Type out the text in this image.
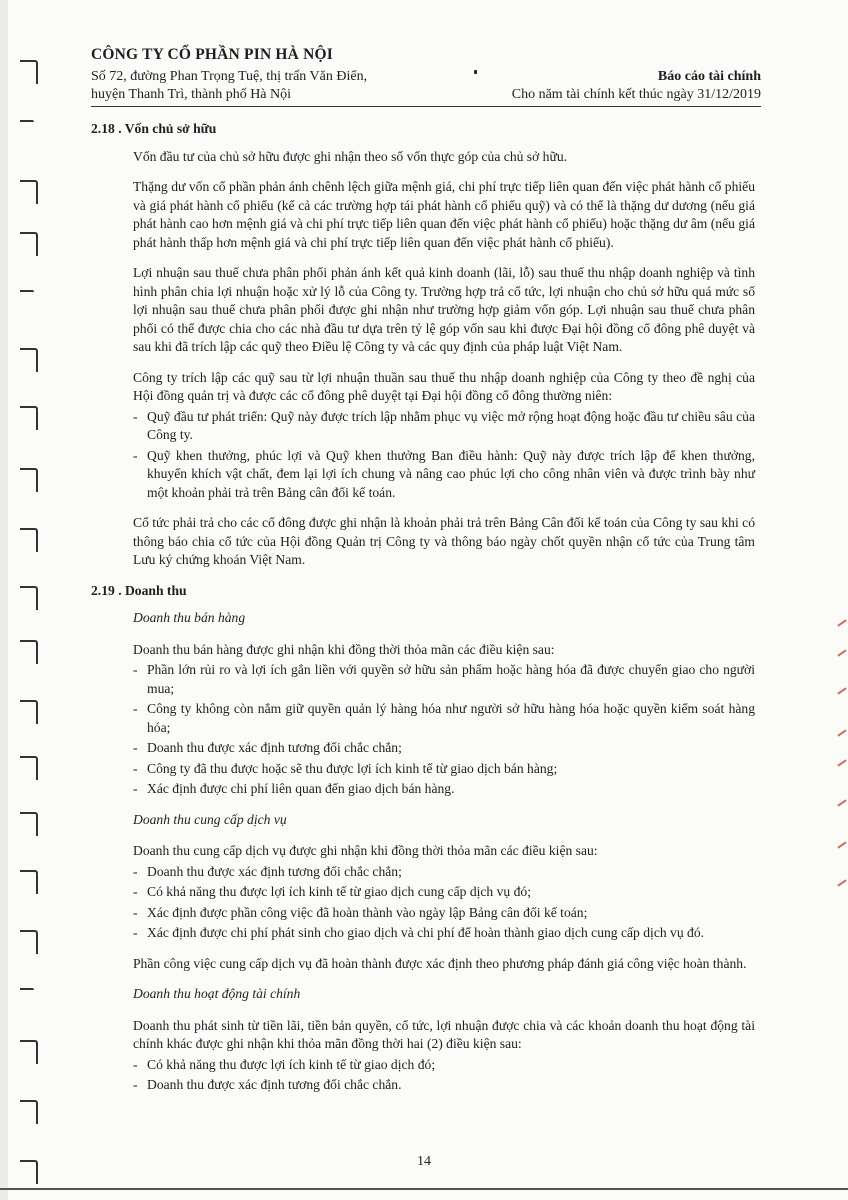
CÔNG TY CỔ PHẦN PIN HÀ NỘI
Số 72, đường Phan Trọng Tuệ, thị trấn Văn Điển,
huyện Thanh Trì, thành phố Hà Nội
Báo cáo tài chính
Cho năm tài chính kết thúc ngày 31/12/2019
2.18 . Vốn chủ sở hữu

Vốn đầu tư của chủ sở hữu được ghi nhận theo số vốn thực góp của chủ sở hữu.

Thặng dư vốn cổ phần phản ánh chênh lệch giữa mệnh giá, chi phí trực tiếp liên quan đến việc phát hành cổ phiếu và giá phát hành cổ phiếu (kể cả các trường hợp tái phát hành cổ phiếu quỹ) và có thể là thặng dư dương (nếu giá phát hành cao hơn mệnh giá và chi phí trực tiếp liên quan đến việc phát hành cổ phiếu) hoặc thặng dư âm (nếu giá phát hành thấp hơn mệnh giá và chi phí trực tiếp liên quan đến việc phát hành cổ phiếu).

Lợi nhuận sau thuế chưa phân phối phản ánh kết quả kinh doanh (lãi, lỗ) sau thuế thu nhập doanh nghiệp và tình hình phân chia lợi nhuận hoặc xử lý lỗ của Công ty. Trường hợp trả cổ tức, lợi nhuận cho chủ sở hữu quá mức số lợi nhuận sau thuế chưa phân phối được ghi nhận như trường hợp giảm vốn góp. Lợi nhuận sau thuế chưa phân phối có thể được chia cho các nhà đầu tư dựa trên tỷ lệ góp vốn sau khi được Đại hội đồng cổ đông phê duyệt và sau khi đã trích lập các quỹ theo Điều lệ Công ty và các quy định của pháp luật Việt Nam.

Công ty trích lập các quỹ sau từ lợi nhuận thuần sau thuế thu nhập doanh nghiệp của Công ty theo đề nghị của Hội đồng quản trị và được các cổ đông phê duyệt tại Đại hội đồng cổ đông thường niên:

- Quỹ đầu tư phát triển: Quỹ này được trích lập nhằm phục vụ việc mở rộng hoạt động hoặc đầu tư chiều sâu của Công ty.
- Quỹ khen thưởng, phúc lợi và Quỹ khen thưởng Ban điều hành: Quỹ này được trích lập để khen thưởng, khuyến khích vật chất, đem lại lợi ích chung và nâng cao phúc lợi cho công nhân viên và được trình bày như một khoản phải trả trên Bảng cân đối kế toán.

Cổ tức phải trả cho các cổ đông được ghi nhận là khoản phải trả trên Bảng Cân đối kế toán của Công ty sau khi có thông báo chia cổ tức của Hội đồng Quản trị Công ty và thông báo ngày chốt quyền nhận cổ tức của Trung tâm Lưu ký chứng khoán Việt Nam.

2.19 . Doanh thu
Doanh thu bán hàng

Doanh thu bán hàng được ghi nhận khi đồng thời thỏa mãn các điều kiện sau:

- Phần lớn rủi ro và lợi ích gắn liền với quyền sở hữu sản phẩm hoặc hàng hóa đã được chuyển giao cho người mua;
- Công ty không còn nắm giữ quyền quản lý hàng hóa như người sở hữu hàng hóa hoặc quyền kiểm soát hàng hóa;
- Doanh thu được xác định tương đối chắc chắn;
- Công ty đã thu được hoặc sẽ thu được lợi ích kinh tế từ giao dịch bán hàng;
- Xác định được chi phí liên quan đến giao dịch bán hàng.
Doanh thu cung cấp dịch vụ

Doanh thu cung cấp dịch vụ được ghi nhận khi đồng thời thỏa mãn các điều kiện sau:

- Doanh thu được xác định tương đối chắc chắn;
- Có khả năng thu được lợi ích kinh tế từ giao dịch cung cấp dịch vụ đó;
- Xác định được phần công việc đã hoàn thành vào ngày lập Bảng cân đối kế toán;
- Xác định được chi phí phát sinh cho giao dịch và chi phí để hoàn thành giao dịch cung cấp dịch vụ đó.

Phần công việc cung cấp dịch vụ đã hoàn thành được xác định theo phương pháp đánh giá công việc hoàn thành.

Doanh thu hoạt động tài chính

Doanh thu phát sinh từ tiền lãi, tiền bản quyền, cổ tức, lợi nhuận được chia và các khoản doanh thu hoạt động tài chính khác được ghi nhận khi thỏa mãn đồng thời hai (2) điều kiện sau:

- Có khả năng thu được lợi ích kinh tế từ giao dịch đó;
- Doanh thu được xác định tương đối chắc chắn.
14
